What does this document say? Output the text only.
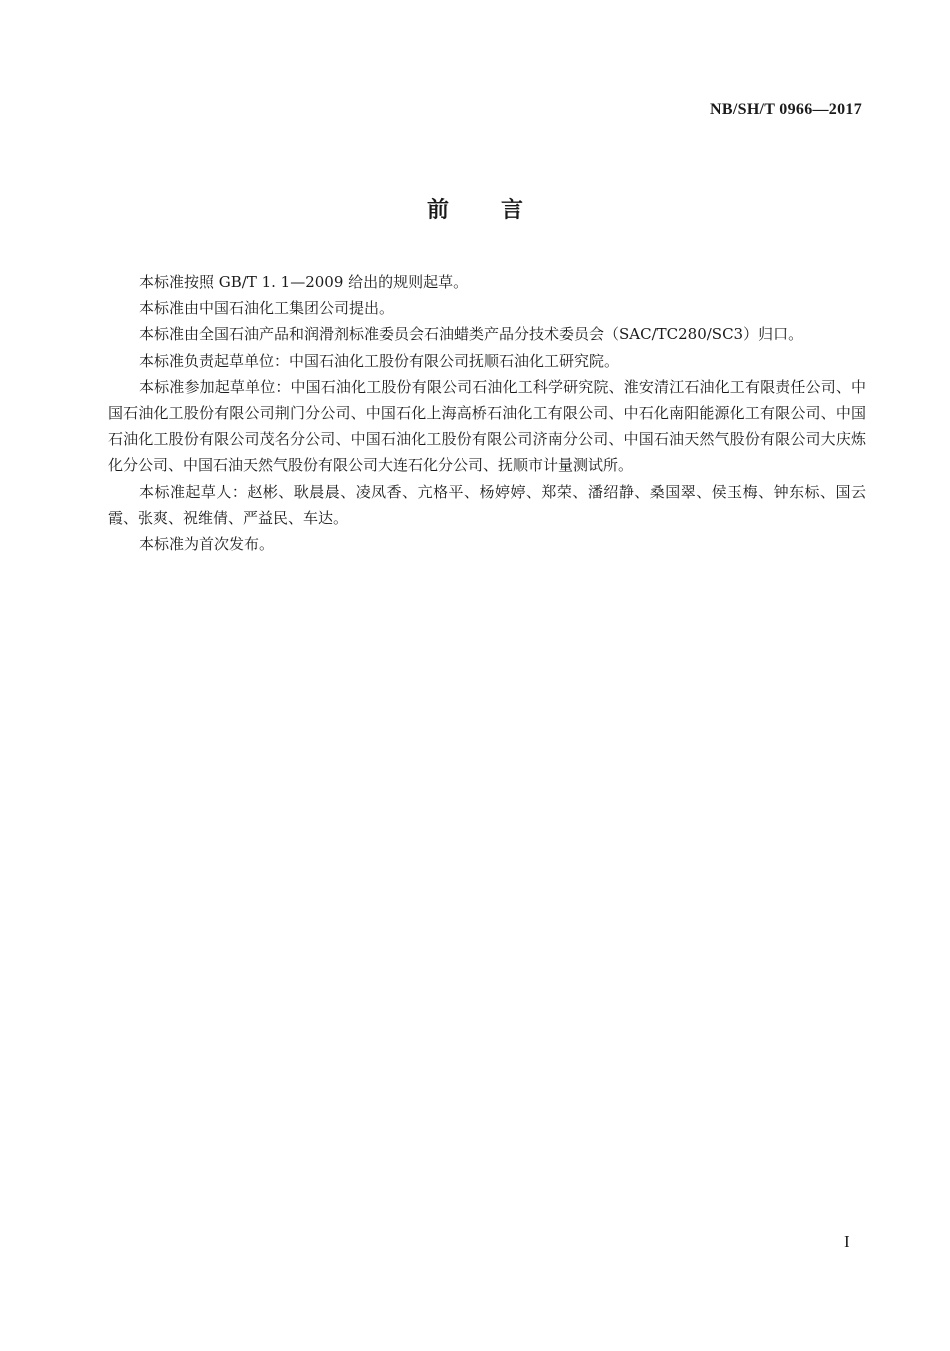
NB/SH/T 0966—2017
前言

本标准按照 GB/T 1. 1—2009 给出的规则起草。

本标准由中国石油化工集团公司提出。

本标准由全国石油产品和润滑剂标准委员会石油蜡类产品分技术委员会（SAC/TC280/SC3）归口。

本标准负责起草单位：中国石油化工股份有限公司抚顺石油化工研究院。

本标准参加起草单位：中国石油化工股份有限公司石油化工科学研究院、淮安清江石油化工有限责任公司、中国石油化工股份有限公司荆门分公司、中国石化上海高桥石油化工有限公司、中石化南阳能源化工有限公司、中国石油化工股份有限公司茂名分公司、中国石油化工股份有限公司济南分公司、中国石油天然气股份有限公司大庆炼化分公司、中国石油天然气股份有限公司大连石化分公司、抚顺市计量测试所。

本标准起草人：赵彬、耿晨晨、凌凤香、亢格平、杨婷婷、郑荣、潘绍静、桑国翠、侯玉梅、钟东标、国云霞、张爽、祝维倩、严益民、车达。

本标准为首次发布。

I
